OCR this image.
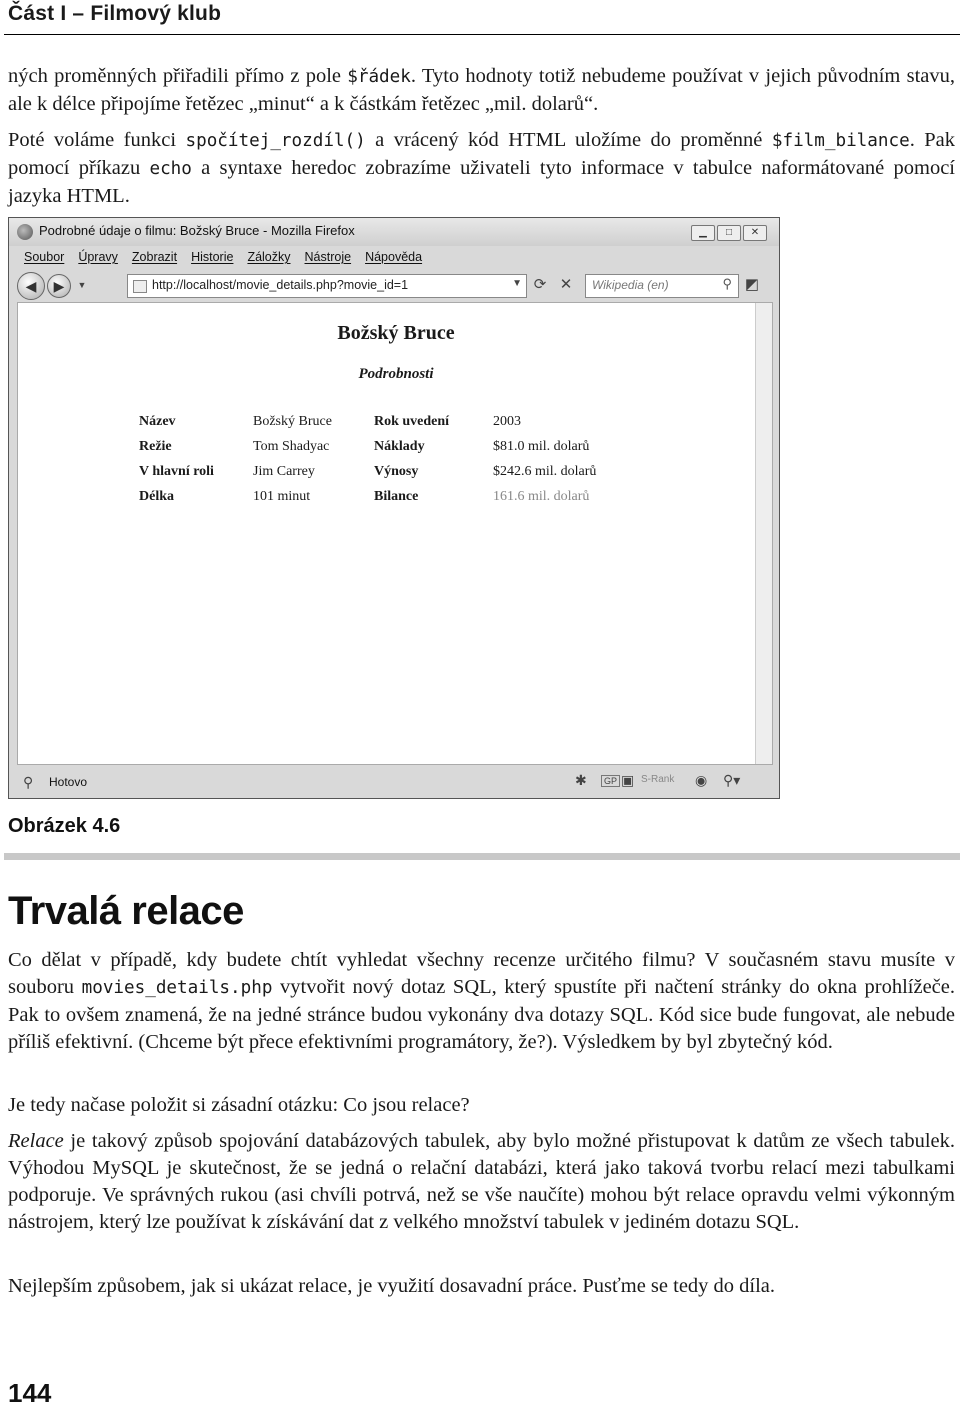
Část I – Filmový klub

ných proměnných přiřadili přímo z pole $řádek. Tyto hodnoty totiž nebudeme používat v jejich původním stavu, ale k délce připojíme řetězec „minut“ a k částkám řetězec „mil. dolarů“.

Poté voláme funkci spočítej_rozdíl() a vrácený kód HTML uložíme do proměnné $film_bilance. Pak pomocí příkazu echo a syntaxe heredoc zobrazíme uživateli tyto informace v tabulce naformátované pomocí jazyka HTML.

Podrobné údaje o filmu: Božský Bruce - Mozilla Firefox	▁	□	✕
Soubor Úpravy Zobrazit Historie Záložky Nástroje Nápověda
◀	▶	▼	http://localhost/movie_details.php?movie_id=1	▼ ⟳ ✕	Wikipedia (en)	⚲ ◩
Božský Bruce
Podrobnosti
Název	Božský Bruce	Rok uvedení	2003
Režie	Tom Shadyac	Náklady	$81.0 mil. dolarů
V hlavní roli	Jim Carrey	Výnosy	$242.6 mil. dolarů
Délka	101 minut	Bilance	161.6 mil. dolarů
⚲ Hotovo	✱	GP ▣ S-Rank ◉ ⚲▾
Obrázek 4.6
Trvalá relace

Co dělat v případě, kdy budete chtít vyhledat všechny recenze určitého filmu? V současném stavu musíte v souboru movies_details.php vytvořit nový dotaz SQL, který spustíte při načtení stránky do okna prohlížeče. Pak to ovšem znamená, že na jedné stránce budou vykonány dva dotazy SQL. Kód sice bude fungovat, ale nebude příliš efektivní. (Chceme být přece efektivními programátory, že?). Výsledkem by byl zbytečný kód.

Je tedy načase položit si zásadní otázku: Co jsou relace?

Relace je takový způsob spojování databázových tabulek, aby bylo možné přistupovat k datům ze všech tabulek. Výhodou MySQL je skutečnost, že se jedná o relační databázi, která jako taková tvorbu relací mezi tabulkami podporuje. Ve správných rukou (asi chvíli potrvá, než se vše naučíte) mohou být relace opravdu velmi výkonným nástrojem, který lze používat k získávání dat z velkého množství tabulek v jediném dotazu SQL.

Nejlepším způsobem, jak si ukázat relace, je využití dosavadní práce. Pusťme se tedy do díla.

144
